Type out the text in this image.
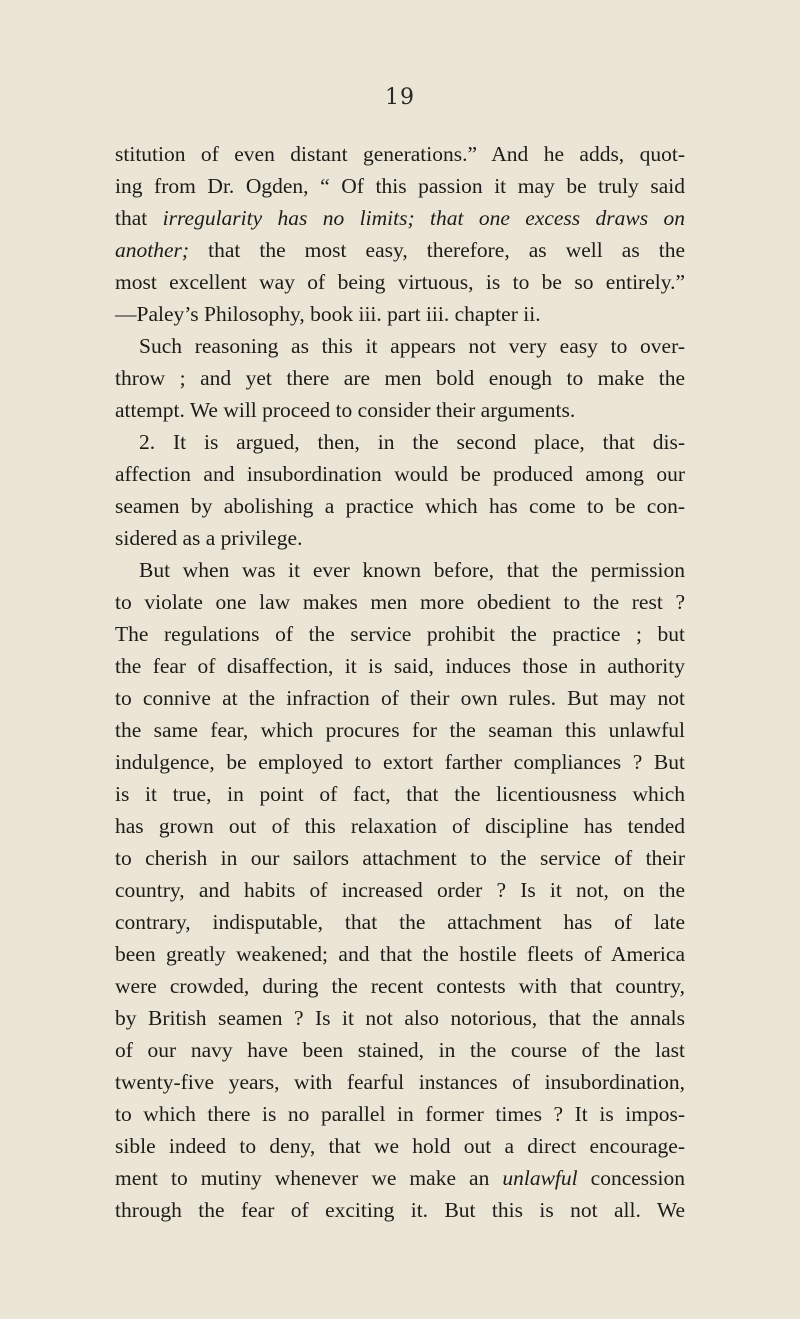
19
stitution of even distant generations.” And he adds, quot-
ing from Dr. Ogden, “ Of this passion it may be truly said
that irregularity has no limits; that one excess draws on
another; that the most easy, therefore, as well as the
most excellent way of being virtuous, is to be so entirely.”
—Paley’s Philosophy, book iii. part iii. chapter ii.
Such reasoning as this it appears not very easy to over-
throw ; and yet there are men bold enough to make the
attempt. We will proceed to consider their arguments.
2. It is argued, then, in the second place, that dis-
affection and insubordination would be produced among our
seamen by abolishing a practice which has come to be con-
sidered as a privilege.
But when was it ever known before, that the permission
to violate one law makes men more obedient to the rest ?
The regulations of the service prohibit the practice ; but
the fear of disaffection, it is said, induces those in authority
to connive at the infraction of their own rules. But may not
the same fear, which procures for the seaman this unlawful
indulgence, be employed to extort farther compliances ? But
is it true, in point of fact, that the licentiousness which
has grown out of this relaxation of discipline has tended
to cherish in our sailors attachment to the service of their
country, and habits of increased order ? Is it not, on the
contrary, indisputable, that the attachment has of late
been greatly weakened; and that the hostile fleets of America
were crowded, during the recent contests with that country,
by British seamen ? Is it not also notorious, that the annals
of our navy have been stained, in the course of the last
twenty-five years, with fearful instances of insubordination,
to which there is no parallel in former times ? It is impos-
sible indeed to deny, that we hold out a direct encourage-
ment to mutiny whenever we make an unlawful concession
through the fear of exciting it. But this is not all. We
